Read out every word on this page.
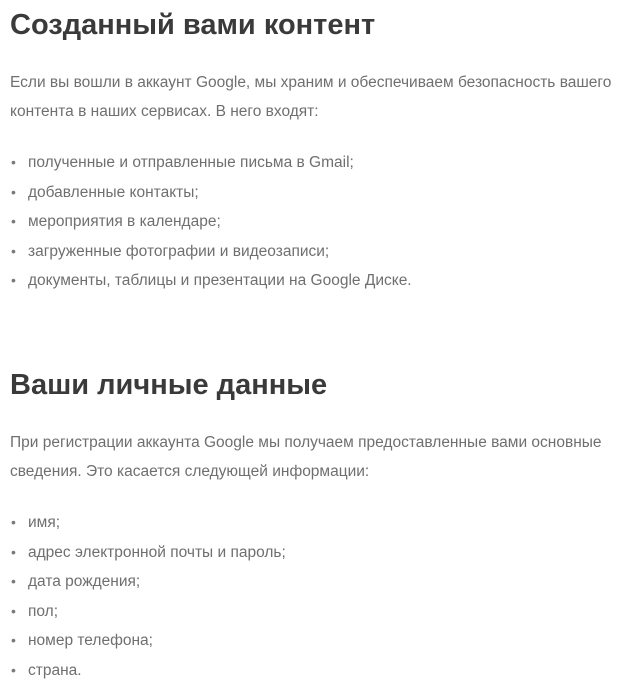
Созданный вами контент

Если вы вошли в аккаунт Google, мы храним и обеспечиваем безопасность вашего контента в наших сервисах. В него входят:

• полученные и отправленные письма в Gmail;
• добавленные контакты;
• мероприятия в календаре;
• загруженные фотографии и видеозаписи;
• документы, таблицы и презентации на Google Диске.
Ваши личные данные

При регистрации аккаунта Google мы получаем предоставленные вами основные сведения. Это касается следующей информации:

• имя;
• адрес электронной почты и пароль;
• дата рождения;
• пол;
• номер телефона;
• страна.
